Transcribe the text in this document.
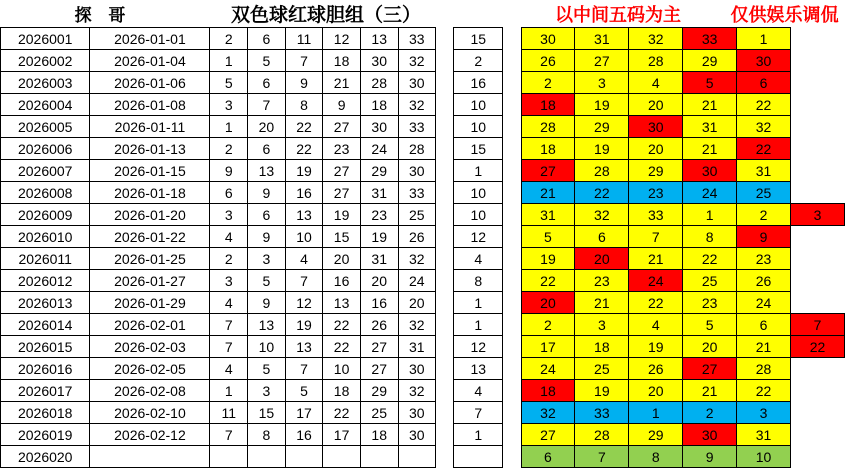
探 哥	双色球红球胆组（三）		以中间五码为主	仅供娱乐调侃
2026001	2026-01-01	2	6	11	12	13	33		15		30	31	32	33	1	
2026002	2026-01-04	1	5	7	18	30	32		2		26	27	28	29	30	
2026003	2026-01-06	5	6	9	21	28	30		16		2	3	4	5	6	
2026004	2026-01-08	3	7	8	9	18	32		10		18	19	20	21	22	
2026005	2026-01-11	1	20	22	27	30	33		10		28	29	30	31	32	
2026006	2026-01-13	2	6	22	23	24	28		15		18	19	20	21	22	
2026007	2026-01-15	9	13	19	27	29	30		1		27	28	29	30	31	
2026008	2026-01-18	6	9	16	27	31	33		10		21	22	23	24	25	
2026009	2026-01-20	3	6	13	19	23	25		10		31	32	33	1	2	3
2026010	2026-01-22	4	9	10	15	19	26		12		5	6	7	8	9	
2026011	2026-01-25	2	3	4	20	31	32		4		19	20	21	22	23	
2026012	2026-01-27	3	5	7	16	20	24		8		22	23	24	25	26	
2026013	2026-01-29	4	9	12	13	16	20		1		20	21	22	23	24	
2026014	2026-02-01	7	13	19	22	26	32		1		2	3	4	5	6	7
2026015	2026-02-03	7	10	13	22	27	31		12		17	18	19	20	21	22
2026016	2026-02-05	4	5	7	10	27	30		13		24	25	26	27	28	
2026017	2026-02-08	1	3	5	18	29	32		4		18	19	20	21	22	
2026018	2026-02-10	11	15	17	22	25	30		7		32	33	1	2	3	
2026019	2026-02-12	7	8	16	17	18	30		1		27	28	29	30	31	
2026020											6	7	8	9	10	
